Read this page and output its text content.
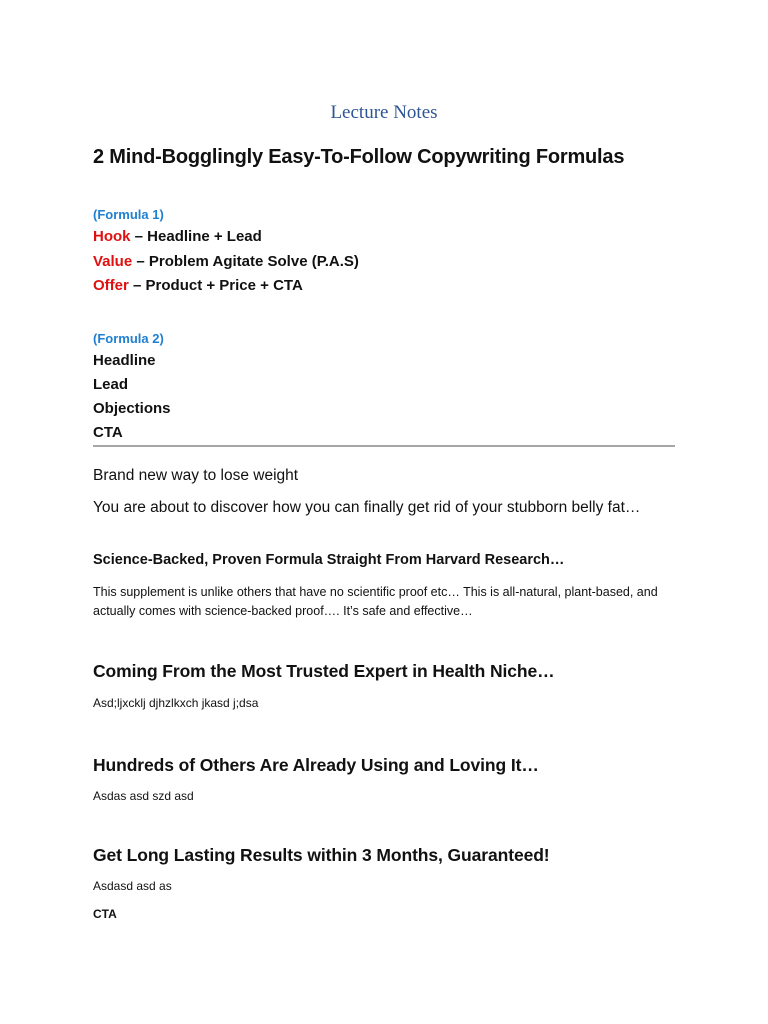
Lecture Notes
2 Mind-Bogglingly Easy-To-Follow Copywriting Formulas
(Formula 1)
Hook – Headline + Lead
Value – Problem Agitate Solve (P.A.S)
Offer – Product + Price + CTA
(Formula 2)
Headline
Lead
Objections
CTA
Brand new way to lose weight
You are about to discover how you can finally get rid of your stubborn belly fat…
Science-Backed, Proven Formula Straight From Harvard Research…
This supplement is unlike others that have no scientific proof etc… This is all-natural, plant-based, and actually comes with science-backed proof…. It’s safe and effective…
Coming From the Most Trusted Expert in Health Niche…
Asd;ljxcklj djhzlkxch jkasd j;dsa
Hundreds of Others Are Already Using and Loving It…
Asdas asd szd asd
Get Long Lasting Results within 3 Months, Guaranteed!
Asdasd asd as
CTA
